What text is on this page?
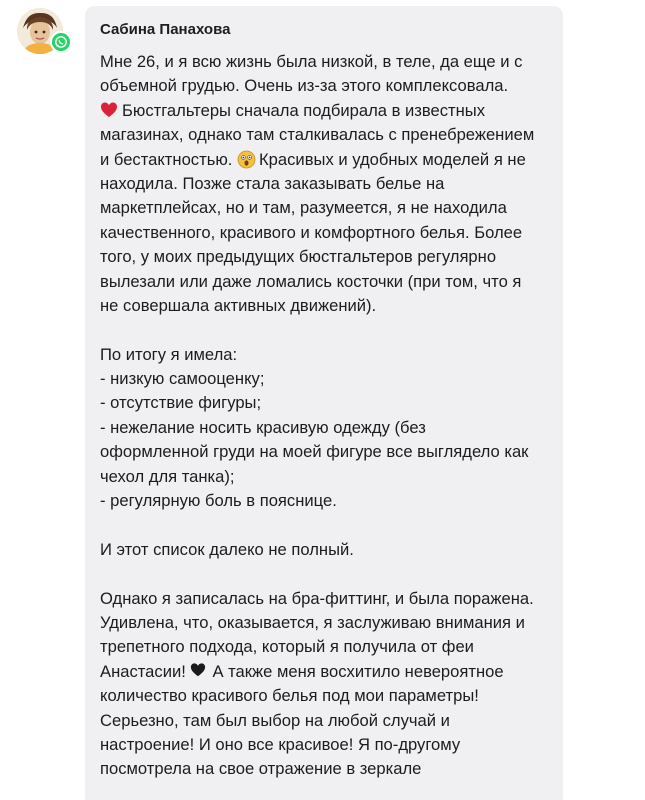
Сабина Панахова
Мне 26, и я всю жизнь была низкой, в теле, да еще и с
объемной грудью. Очень из-за этого комплексовала.
Бюстгальтеры сначала подбирала в известных
магазинах, однако там сталкивалась с пренебрежением
и бестактностью.
Красивых и удобных моделей я не
находила. Позже стала заказывать белье на
маркетплейсах, но и там, разумеется, я не находила
качественного, красивого и комфортного белья. Более
того, у моих предыдущих бюстгальтеров регулярно
вылезали или даже ломались косточки (при том, что я
не совершала активных движений).
По итогу я имела:
- низкую самооценку;
- отсутствие фигуры;
- нежелание носить красивую одежду (без
оформленной груди на моей фигуре все выглядело как
чехол для танка);
- регулярную боль в пояснице.
И этот список далеко не полный.
Однако я записалась на бра-фиттинг, и была поражена.
Удивлена, что, оказывается, я заслуживаю внимания и
трепетного подхода, который я получила от феи
Анастасии!
А также меня восхитило невероятное
количество красивого белья под мои параметры!
Серьезно, там был выбор на любой случай и
настроение! И оно все красивое! Я по-другому
посмотрела на свое отражение в зеркале
